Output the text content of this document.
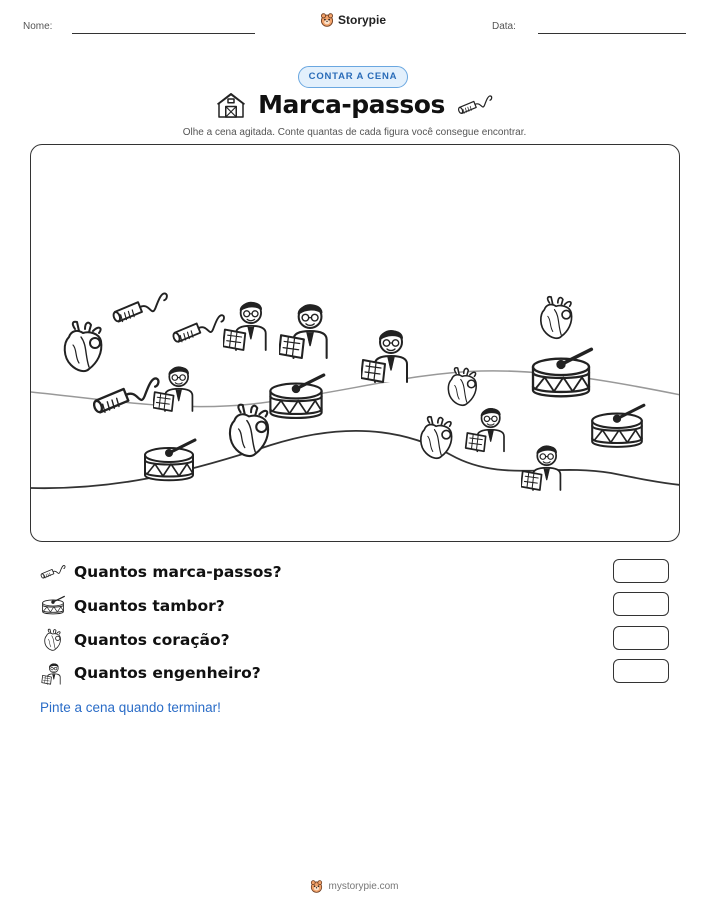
Nome:	Storypie	Data:
CONTAR A CENA
Marca-passos
Olhe a cena agitada. Conte quantas de cada figura você consegue encontrar.
Quantos marca-passos?
Quantos tambor?
Quantos coração?
Quantos engenheiro?
Pinte a cena quando terminar!
mystorypie.com
